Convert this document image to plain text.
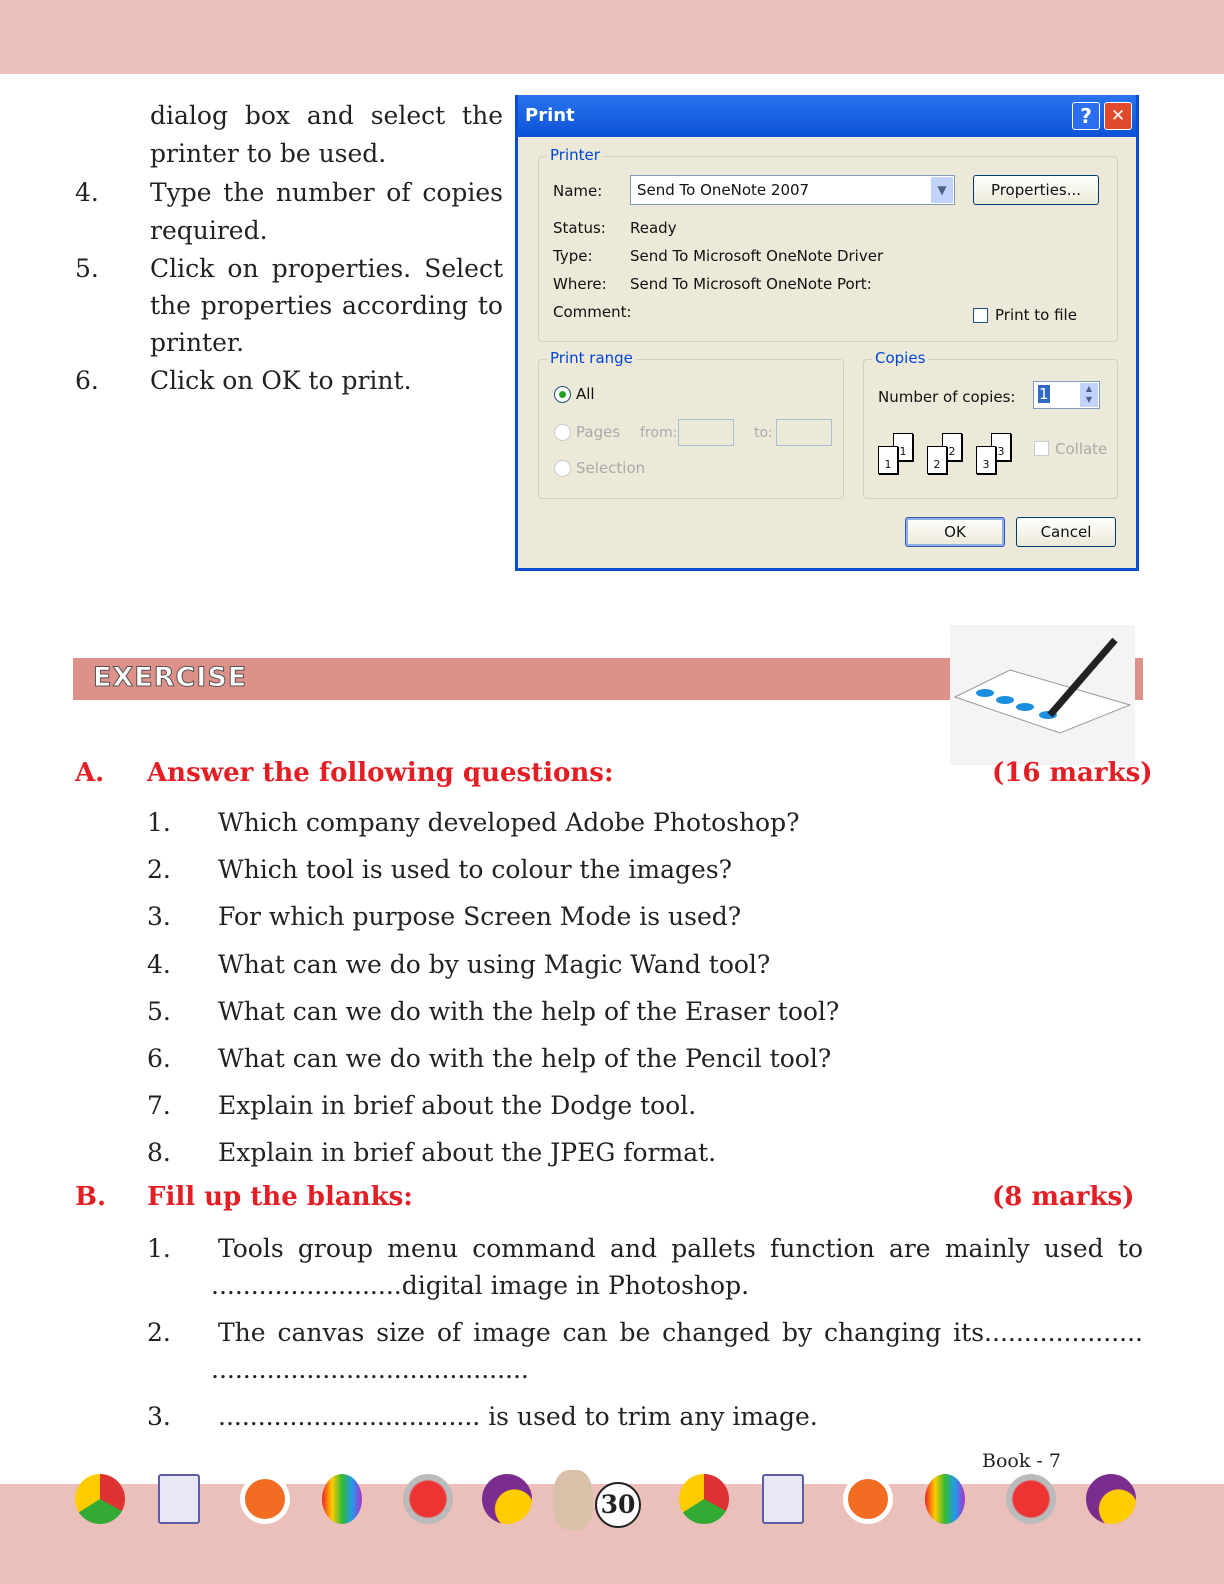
dialog box and select the
printer to be used.
4. Type the number of copies
required.
5. Click on properties. Select
the properties according to
printer.
6. Click on OK to print.
Print	?	✕
Printer
Name:	Send To OneNote 2007	▼	Properties...
Status: Ready
Type: Send To Microsoft OneNote Driver
Where: Send To Microsoft OneNote Port:
Comment:	Print to file
Print range
All
Pages from:	to:
Selection
Copies
Number of copies:	1	▲
▼
1
1
2
2
3
3
Collate
OK	Cancel
EXERCISE
A. Answer the following questions:	(16 marks)
1. Which company developed Adobe Photoshop?
2. Which tool is used to colour the images?
3. For which purpose Screen Mode is used?
4. What can we do by using Magic Wand tool?
5. What can we do with the help of the Eraser tool?
6. What can we do with the help of the Pencil tool?
7. Explain in brief about the Dodge tool.
8. Explain in brief about the JPEG format.
B. Fill up the blanks:	(8 marks)
1. Tools group menu command and pallets function are mainly used to
........................digital image in Photoshop.
2. The canvas size of image can be changed by changing its....................
........................................
3. ................................. is used to trim any image.
Book - 7
30
